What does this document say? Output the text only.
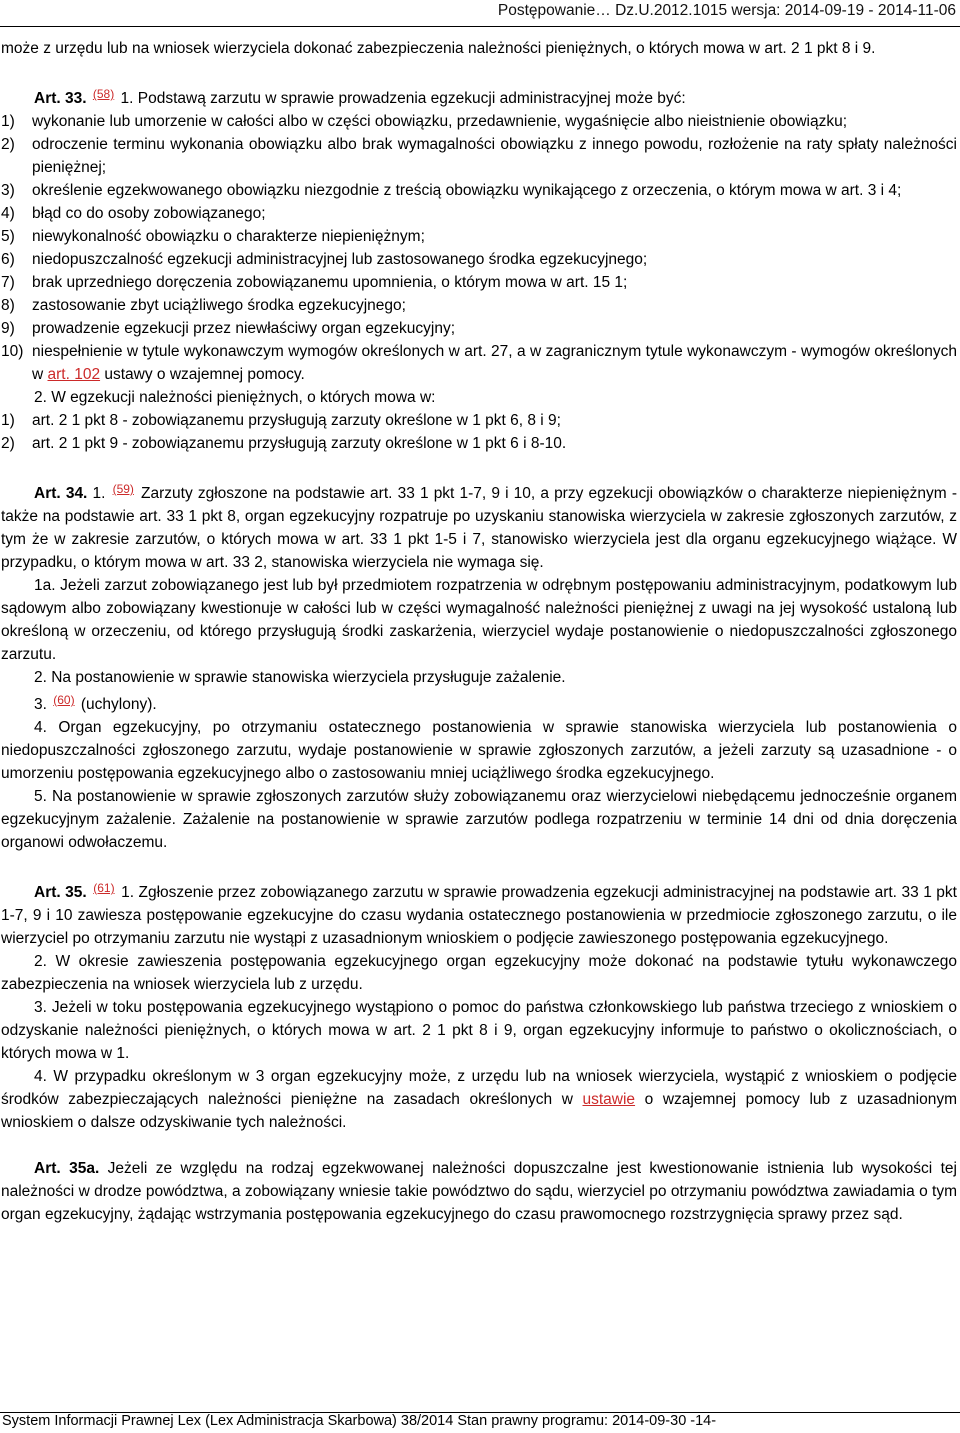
Postępowanie… Dz.U.2012.1015 wersja: 2014-09-19 - 2014-11-06

może z urzędu lub na wniosek wierzyciela dokonać zabezpieczenia należności pieniężnych, o których mowa w art. 2 1 pkt 8 i 9.

Art. 33. $^{(58)}$ 1. Podstawą zarzutu w sprawie prowadzenia egzekucji administracyjnej może być:

1)	wykonanie lub umorzenie w całości albo w części obowiązku, przedawnienie, wygaśnięcie albo nieistnienie obowiązku;
2)	odroczenie terminu wykonania obowiązku albo brak wymagalności obowiązku z innego powodu, rozłożenie na raty spłaty należności pieniężnej;
3)	określenie egzekwowanego obowiązku niezgodnie z treścią obowiązku wynikającego z orzeczenia, o którym mowa w art. 3 i 4;
4)	błąd co do osoby zobowiązanego;
5)	niewykonalność obowiązku o charakterze niepieniężnym;
6)	niedopuszczalność egzekucji administracyjnej lub zastosowanego środka egzekucyjnego;
7)	brak uprzedniego doręczenia zobowiązanemu upomnienia, o którym mowa w art. 15 1;
8)	zastosowanie zbyt uciążliwego środka egzekucyjnego;
9)	prowadzenie egzekucji przez niewłaściwy organ egzekucyjny;
10) niespełnienie w tytule wykonawczym wymogów określonych w art. 27, a w zagranicznym tytule wykonawczym - wymogów określonych w art. 102 ustawy o wzajemnej pomocy.

2. W egzekucji należności pieniężnych, o których mowa w:

1)	art. 2 1 pkt 8 - zobowiązanemu przysługują zarzuty określone w 1 pkt 6, 8 i 9;
2)	art. 2 1 pkt 9 - zobowiązanemu przysługują zarzuty określone w 1 pkt 6 i 8-10.

Art. 34. 1. $^{(59)}$ Zarzuty zgłoszone na podstawie art. 33 1 pkt 1-7, 9 i 10, a przy egzekucji obowiązków o charakterze niepieniężnym - także na podstawie art. 33 1 pkt 8, organ egzekucyjny rozpatruje po uzyskaniu stanowiska wierzyciela w zakresie zgłoszonych zarzutów, z tym że w zakresie zarzutów, o których mowa w art. 33 1 pkt 1-5 i 7, stanowisko wierzyciela jest dla organu egzekucyjnego wiążące. W przypadku, o którym mowa w art. 33 2, stanowiska wierzyciela nie wymaga się.

1a. Jeżeli zarzut zobowiązanego jest lub był przedmiotem rozpatrzenia w odrębnym postępowaniu administracyjnym, podatkowym lub sądowym albo zobowiązany kwestionuje w całości lub w części wymagalność należności pieniężnej z uwagi na jej wysokość ustaloną lub określoną w orzeczeniu, od którego przysługują środki zaskarżenia, wierzyciel wydaje postanowienie o niedopuszczalności zgłoszonego zarzutu.

2. Na postanowienie w sprawie stanowiska wierzyciela przysługuje zażalenie.

3. $^{(60)}$ (uchylony).

4. Organ egzekucyjny, po otrzymaniu ostatecznego postanowienia w sprawie stanowiska wierzyciela lub postanowienia o niedopuszczalności zgłoszonego zarzutu, wydaje postanowienie w sprawie zgłoszonych zarzutów, a jeżeli zarzuty są uzasadnione - o umorzeniu postępowania egzekucyjnego albo o zastosowaniu mniej uciążliwego środka egzekucyjnego.

5. Na postanowienie w sprawie zgłoszonych zarzutów służy zobowiązanemu oraz wierzycielowi niebędącemu jednocześnie organem egzekucyjnym zażalenie. Zażalenie na postanowienie w sprawie zarzutów podlega rozpatrzeniu w terminie 14 dni od dnia doręczenia organowi odwołaczemu.

Art. 35. $^{(61)}$ 1. Zgłoszenie przez zobowiązanego zarzutu w sprawie prowadzenia egzekucji administracyjnej na podstawie art. 33 1 pkt 1-7, 9 i 10 zawiesza postępowanie egzekucyjne do czasu wydania ostatecznego postanowienia w przedmiocie zgłoszonego zarzutu, o ile wierzyciel po otrzymaniu zarzutu nie wystąpi z uzasadnionym wnioskiem o podjęcie zawieszonego postępowania egzekucyjnego.

2. W okresie zawieszenia postępowania egzekucyjnego organ egzekucyjny może dokonać na podstawie tytułu wykonawczego zabezpieczenia na wniosek wierzyciela lub z urzędu.

3. Jeżeli w toku postępowania egzekucyjnego wystąpiono o pomoc do państwa członkowskiego lub państwa trzeciego z wnioskiem o odzyskanie należności pieniężnych, o których mowa w art. 2 1 pkt 8 i 9, organ egzekucyjny informuje to państwo o okolicznościach, o których mowa w 1.

4. W przypadku określonym w 3 organ egzekucyjny może, z urzędu lub na wniosek wierzyciela, wystąpić z wnioskiem o podjęcie środków zabezpieczających należności pieniężne na zasadach określonych w ustawie o wzajemnej pomocy lub z uzasadnionym wnioskiem o dalsze odzyskiwanie tych należności.

Art. 35a. Jeżeli ze względu na rodzaj egzekwowanej należności dopuszczalne jest kwestionowanie istnienia lub wysokości tej należności w drodze powództwa, a zobowiązany wniesie takie powództwo do sądu, wierzyciel po otrzymaniu powództwa zawiadamia o tym organ egzekucyjny, żądając wstrzymania postępowania egzekucyjnego do czasu prawomocnego rozstrzygnięcia sprawy przez sąd.

System Informacji Prawnej Lex (Lex Administracja Skarbowa) 38/2014 Stan prawny programu: 2014-09-30 -14-
